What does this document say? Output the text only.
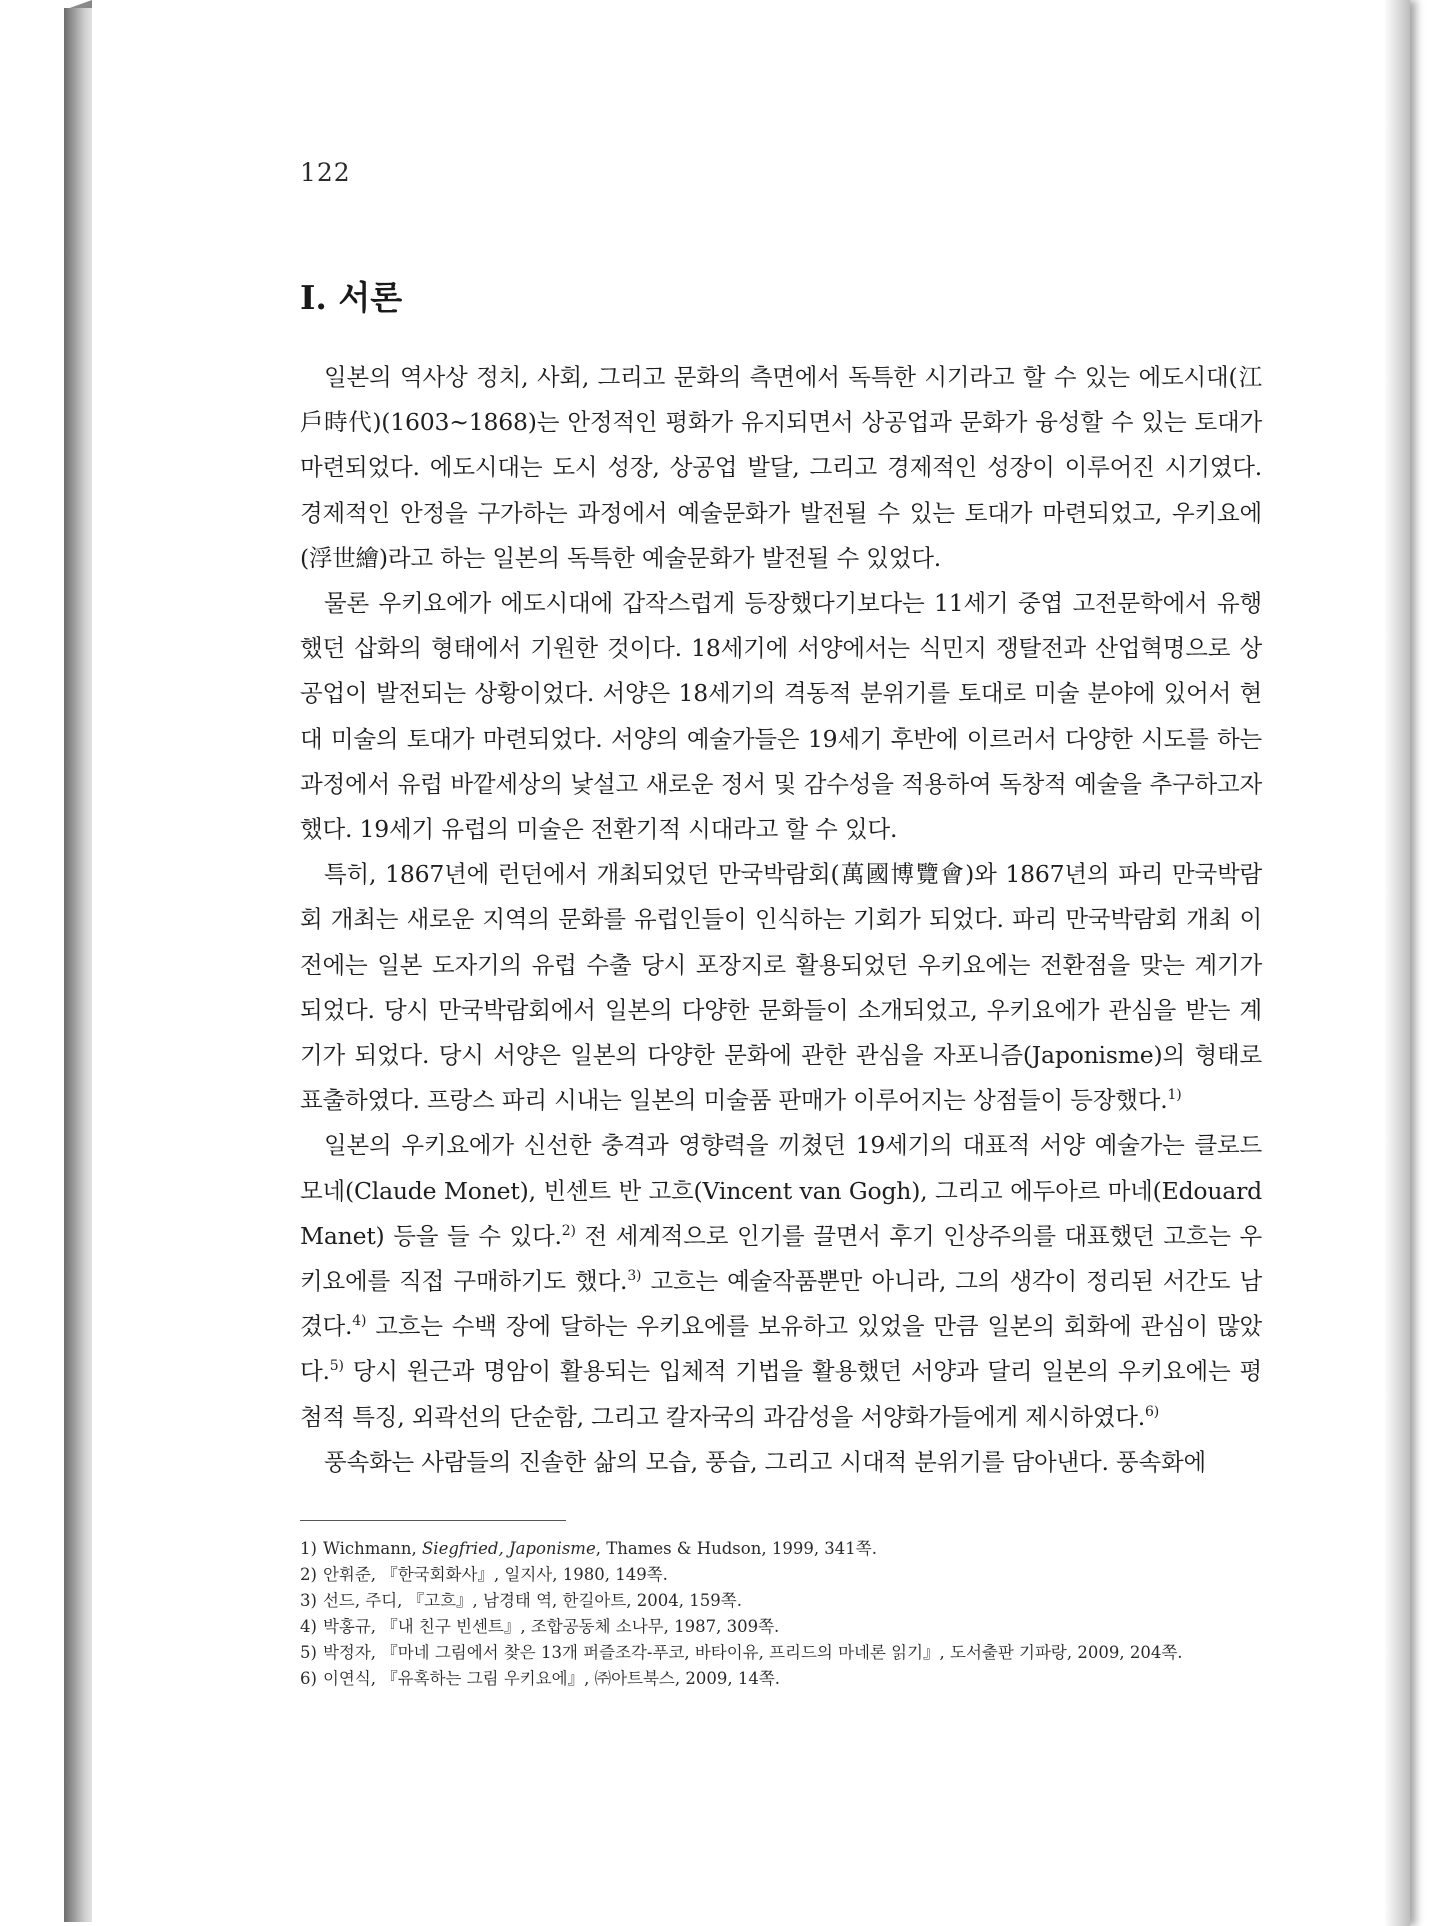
122
Ⅰ. 서론

일본의 역사상 정치, 사회, 그리고 문화의 측면에서 독특한 시기라고 할 수 있는 에도시대(江戶時代)(1603∼1868)는 안정적인 평화가 유지되면서 상공업과 문화가 융성할 수 있는 토대가 마련되었다. 에도시대는 도시 성장, 상공업 발달, 그리고 경제적인 성장이 이루어진 시기였다. 경제적인 안정을 구가하는 과정에서 예술문화가 발전될 수 있는 토대가 마련되었고, 우키요에(浮世繪)라고 하는 일본의 독특한 예술문화가 발전될 수 있었다.

물론 우키요에가 에도시대에 갑작스럽게 등장했다기보다는 11세기 중엽 고전문학에서 유행했던 삽화의 형태에서 기원한 것이다. 18세기에 서양에서는 식민지 쟁탈전과 산업혁명으로 상공업이 발전되는 상황이었다. 서양은 18세기의 격동적 분위기를 토대로 미술 분야에 있어서 현대 미술의 토대가 마련되었다. 서양의 예술가들은 19세기 후반에 이르러서 다양한 시도를 하는 과정에서 유럽 바깥세상의 낯설고 새로운 정서 및 감수성을 적용하여 독창적 예술을 추구하고자 했다. 19세기 유럽의 미술은 전환기적 시대라고 할 수 있다.

특히, 1867년에 런던에서 개최되었던 만국박람회(萬國博覽會)와 1867년의 파리 만국박람회 개최는 새로운 지역의 문화를 유럽인들이 인식하는 기회가 되었다. 파리 만국박람회 개최 이전에는 일본 도자기의 유럽 수출 당시 포장지로 활용되었던 우키요에는 전환점을 맞는 계기가 되었다. 당시 만국박람회에서 일본의 다양한 문화들이 소개되었고, 우키요에가 관심을 받는 계기가 되었다. 당시 서양은 일본의 다양한 문화에 관한 관심을 자포니즘(Japonisme)의 형태로 표출하였다. 프랑스 파리 시내는 일본의 미술품 판매가 이루어지는 상점들이 등장했다.$^{1)}$

일본의 우키요에가 신선한 충격과 영향력을 끼쳤던 19세기의 대표적 서양 예술가는 클로드 모네(Claude Monet), 빈센트 반 고흐(Vincent van Gogh), 그리고 에두아르 마네(Edouard Manet) 등을 들 수 있다.$^{2)}$ 전 세계적으로 인기를 끌면서 후기 인상주의를 대표했던 고흐는 우키요에를 직접 구매하기도 했다.$^{3)}$ 고흐는 예술작품뿐만 아니라, 그의 생각이 정리된 서간도 남겼다.$^{4)}$ 고흐는 수백 장에 달하는 우키요에를 보유하고 있었을 만큼 일본의 회화에 관심이 많았다.$^{5)}$ 당시 원근과 명암이 활용되는 입체적 기법을 활용했던 서양과 달리 일본의 우키요에는 평첨적 특징, 외곽선의 단순함, 그리고 칼자국의 과감성을 서양화가들에게 제시하였다.$^{6)}$

풍속화는 사람들의 진솔한 삶의 모습, 풍습, 그리고 시대적 분위기를 담아낸다. 풍속화에

1) Wichmann, Siegfried, Japonisme, Thames & Hudson, 1999, 341쪽.
2) 안휘준, 『한국회화사』, 일지사, 1980, 149쪽.
3) 선드, 주디, 『고흐』, 남경태 역, 한길아트, 2004, 159쪽.
4) 박홍규, 『내 친구 빈센트』, 조합공동체 소나무, 1987, 309쪽.
5) 박정자, 『마네 그림에서 찾은 13개 퍼즐조각-푸코, 바타이유, 프리드의 마네론 읽기』, 도서출판 기파랑, 2009, 204쪽.
6) 이연식, 『유혹하는 그림 우키요에』, ㈜아트북스, 2009, 14쪽.
